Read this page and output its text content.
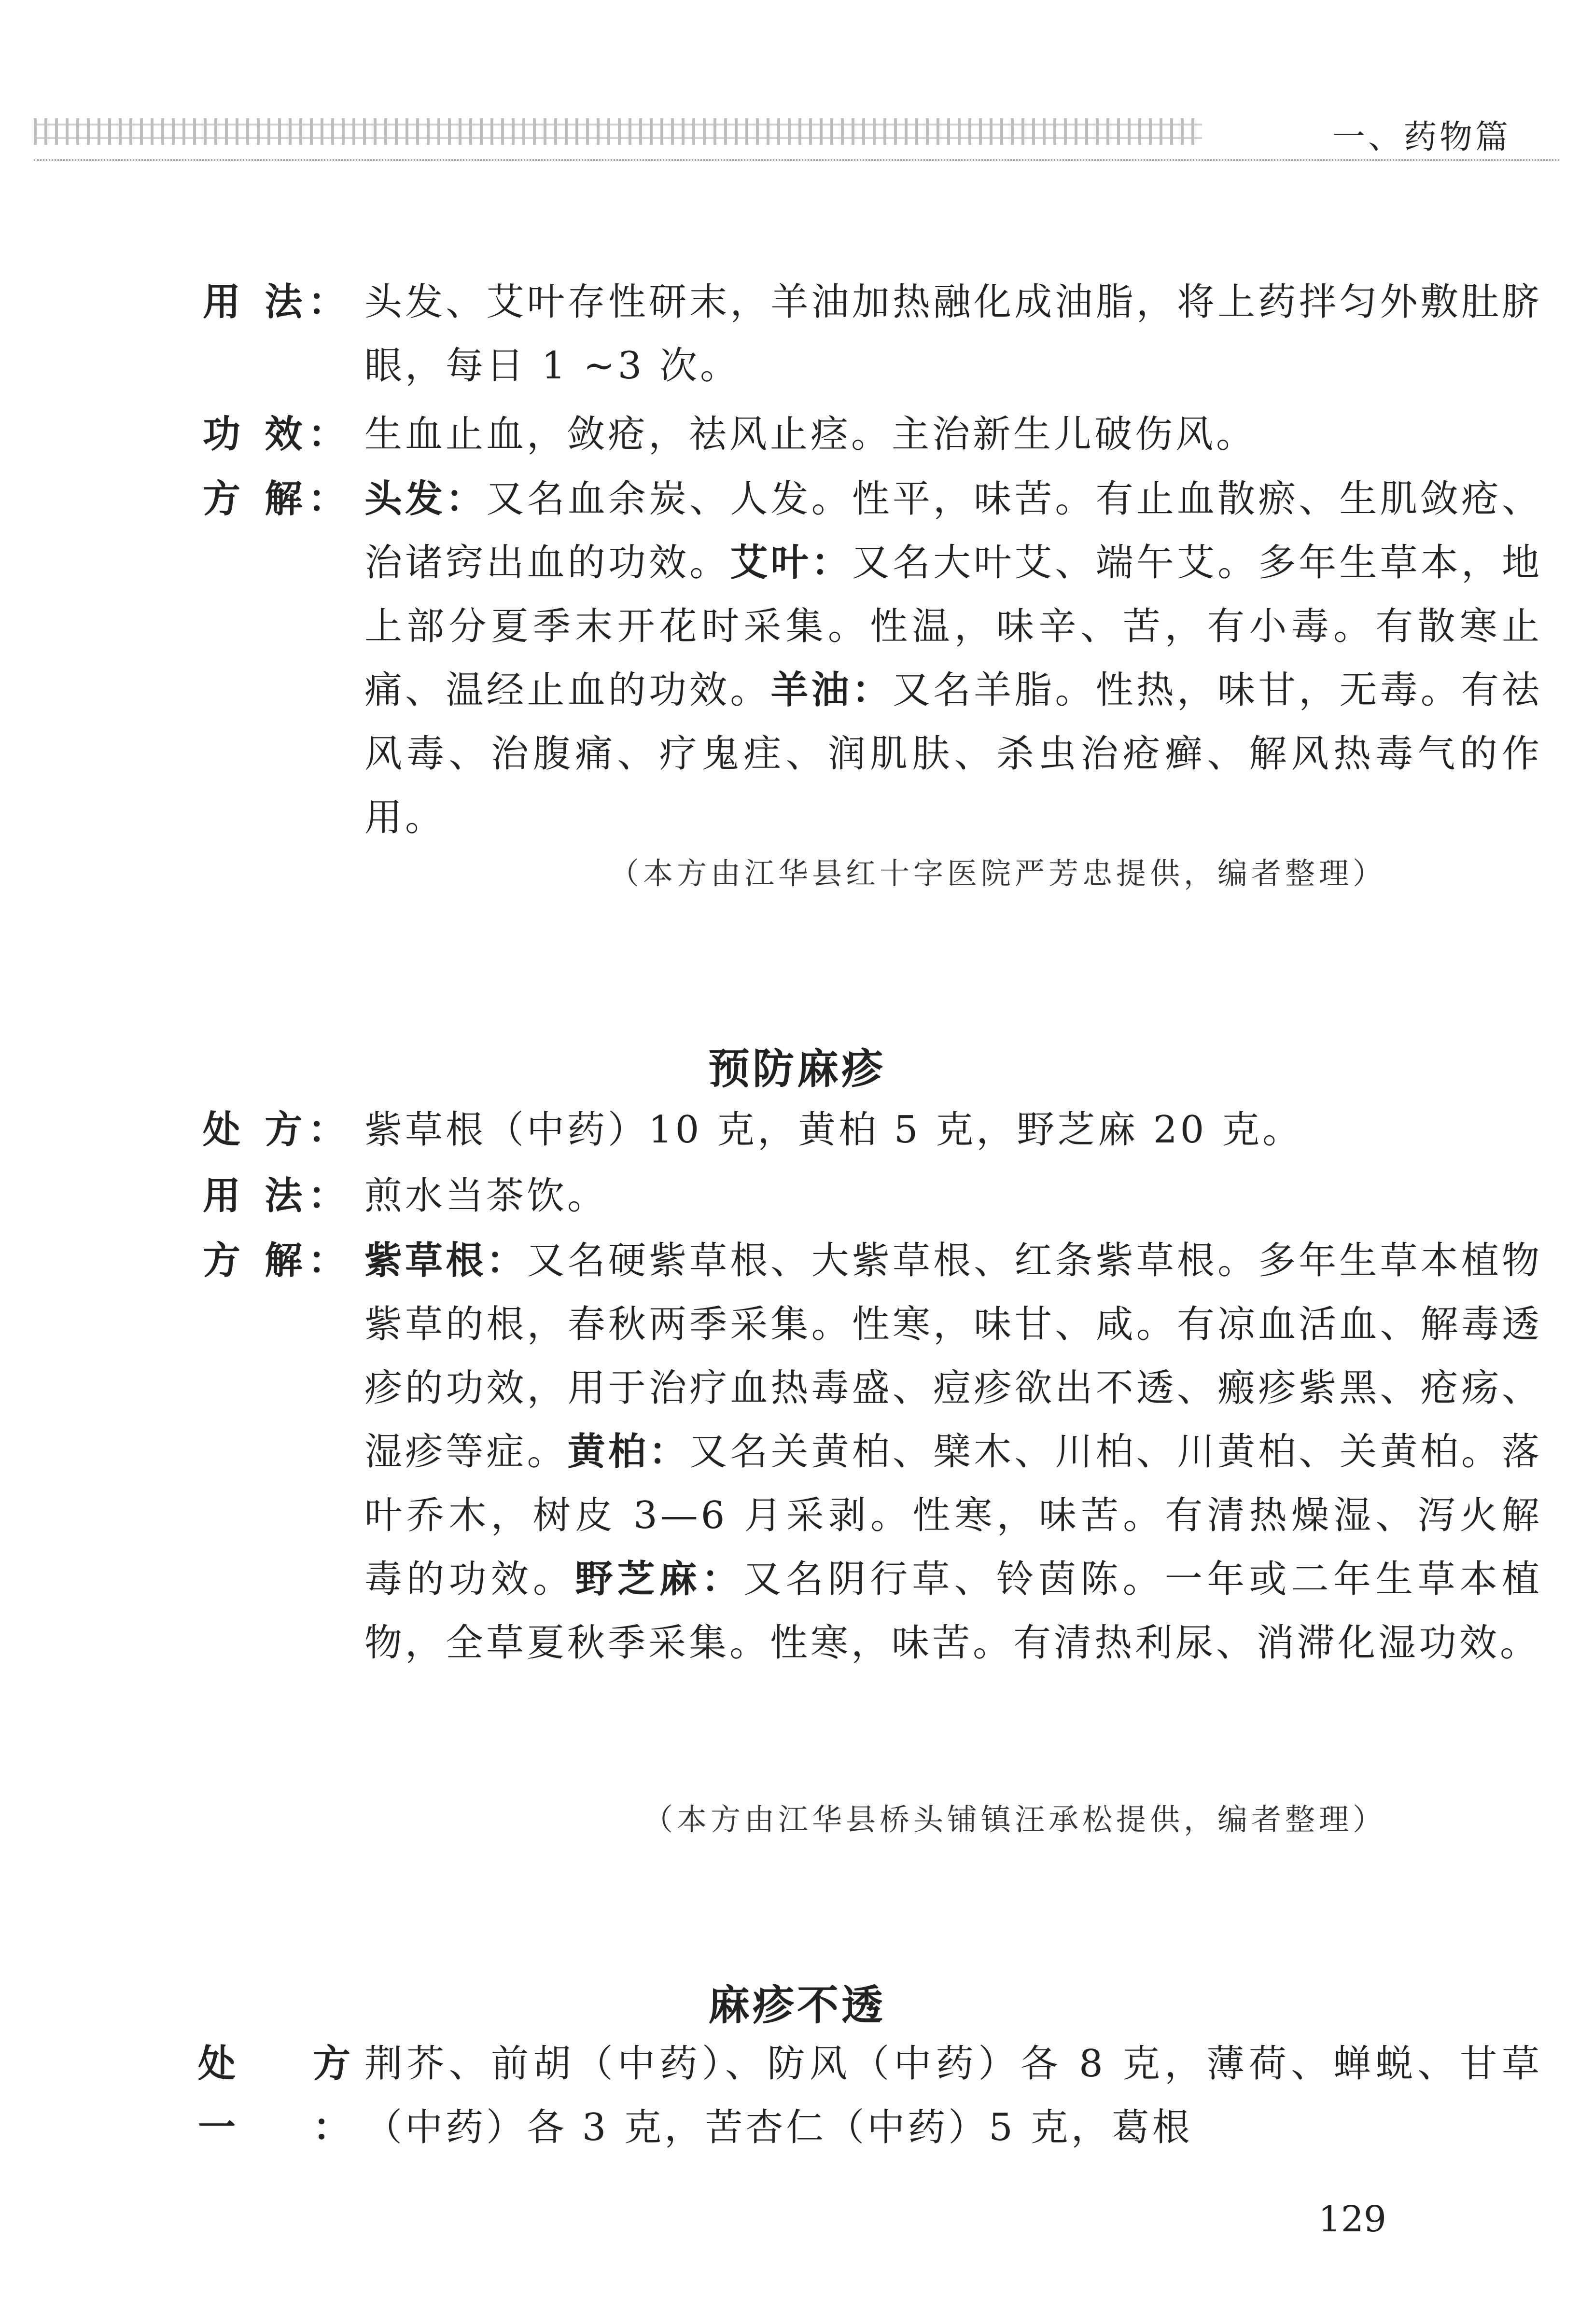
一、药物篇
用 法： 头发、艾叶存性研末，羊油加热融化成油脂，将上药拌匀外敷肚脐眼，每日 1 ~3 次。
功 效： 生血止血，敛疮，祛风止痉。主治新生儿破伤风。
方 解： 头发：又名血余炭、人发。性平，味苦。有止血散瘀、生肌敛疮、治诸窍出血的功效。艾叶：又名大叶艾、端午艾。多年生草本，地上部分夏季末开花时采集。性温，味辛、苦，有小毒。有散寒止痛、温经止血的功效。羊油：又名羊脂。性热，味甘，无毒。有祛风毒、治腹痛、疗鬼疰、润肌肤、杀虫治疮癣、解风热毒气的作用。
（本方由江华县红十字医院严芳忠提供，编者整理）
预防麻疹
处 方： 紫草根（中药）10 克，黄柏 5 克，野芝麻 20 克。
用 法： 煎水当茶饮。
方 解： 紫草根：又名硬紫草根、大紫草根、红条紫草根。多年生草本植物紫草的根，春秋两季采集。性寒，味甘、咸。有凉血活血、解毒透疹的功效，用于治疗血热毒盛、痘疹欲出不透、瘢疹紫黑、疮疡、湿疹等症。黄柏：又名关黄柏、檗木、川柏、川黄柏、关黄柏。落叶乔木，树皮 3—6 月采剥。性寒，味苦。有清热燥湿、泻火解毒的功效。野芝麻：又名阴行草、铃茵陈。一年或二年生草本植物，全草夏秋季采集。性寒，味苦。有清热利尿、消滞化湿功效。
（本方由江华县桥头铺镇汪承松提供，编者整理）
麻疹不透
处方一：
荆芥、前胡（中药）、防风（中药）各 8 克，薄荷、蝉蜕、甘草（中药）各 3 克，苦杏仁（中药）5 克，葛根
129
